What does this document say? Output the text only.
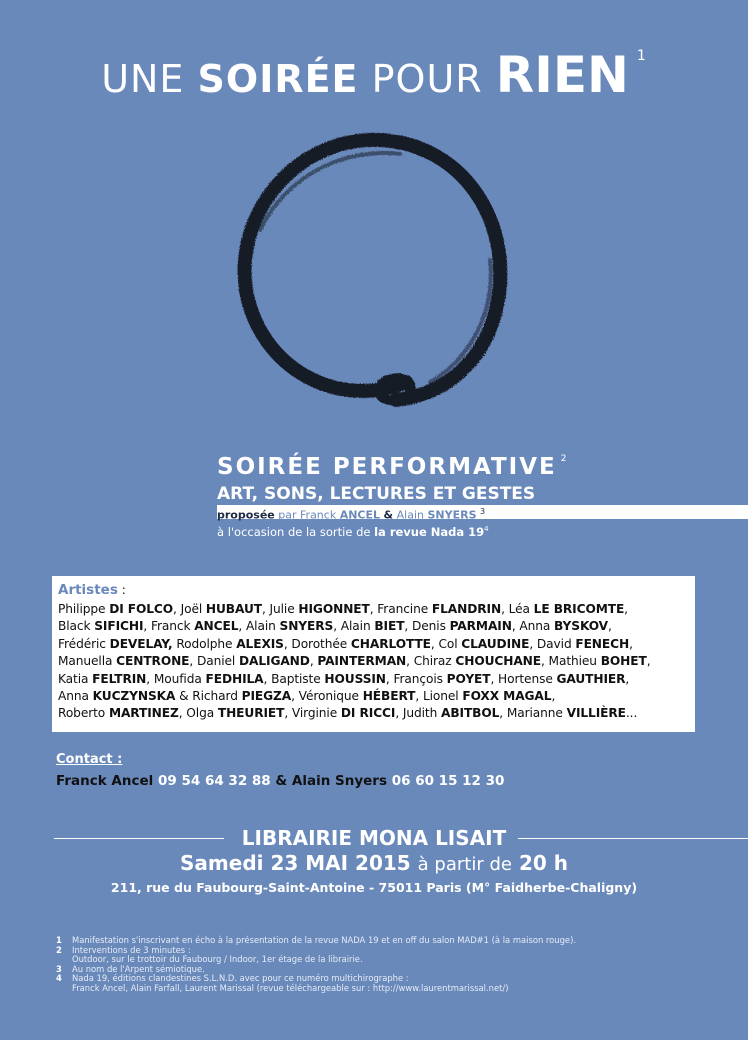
UNE SOIRÉE POUR RIEN $^1$
SOIRÉE PERFORMATIVE $^2$
ART, SONS, LECTURES ET GESTES
proposée par Franck ANCEL & Alain SNYERS $^3$
à l'occasion de la sortie de la revue Nada $19^4$
Artistes :
Philippe DI FOLCO, Joël HUBAUT, Julie HIGONNET, Francine FLANDRIN, Léa LE BRICOMTE,
Black SIFICHI, Franck ANCEL, Alain SNYERS, Alain BIET, Denis PARMAIN, Anna BYSKOV,
Frédéric DEVELAY, Rodolphe ALEXIS, Dorothée CHARLOTTE, Col CLAUDINE, David FENECH,
Manuella CENTRONE, Daniel DALIGAND, PAINTERMAN, Chiraz CHOUCHANE, Mathieu BOHET,
Katia FELTRIN, Moufida FEDHILA, Baptiste HOUSSIN, François POYET, Hortense GAUTHIER,
Anna KUCZYNSKA & Richard PIEGZA, Véronique HÉBERT, Lionel FOXX MAGAL,
Roberto MARTINEZ, Olga THEURIET, Virginie DI RICCI, Judith ABITBOL, Marianne VILLIÈRE...
Contact :
Franck Ancel 09 54 64 32 88 & Alain Snyers 06 60 15 12 30
LIBRAIRIE MONA LISAIT
Samedi 23 MAI 2015 à partir de 20 h
211, rue du Faubourg-Saint-Antoine - 75011 Paris (M° Faidherbe-Chaligny)
1	Manifestation s'inscrivant en écho à la présentation de la revue NADA 19 et en off du salon MAD#1 (à la maison rouge).
2	Interventions de 3 minutes :
Outdoor, sur le trottoir du Faubourg / Indoor, 1er étage de la librairie.
3	Au nom de l'Arpent sémiotique.
4	Nada 19, éditions clandestines S.L.N.D. avec pour ce numéro multichirographe :
Franck Ancel, Alain Farfall, Laurent Marissal (revue téléchargeable sur : http://www.laurentmarissal.net/)
